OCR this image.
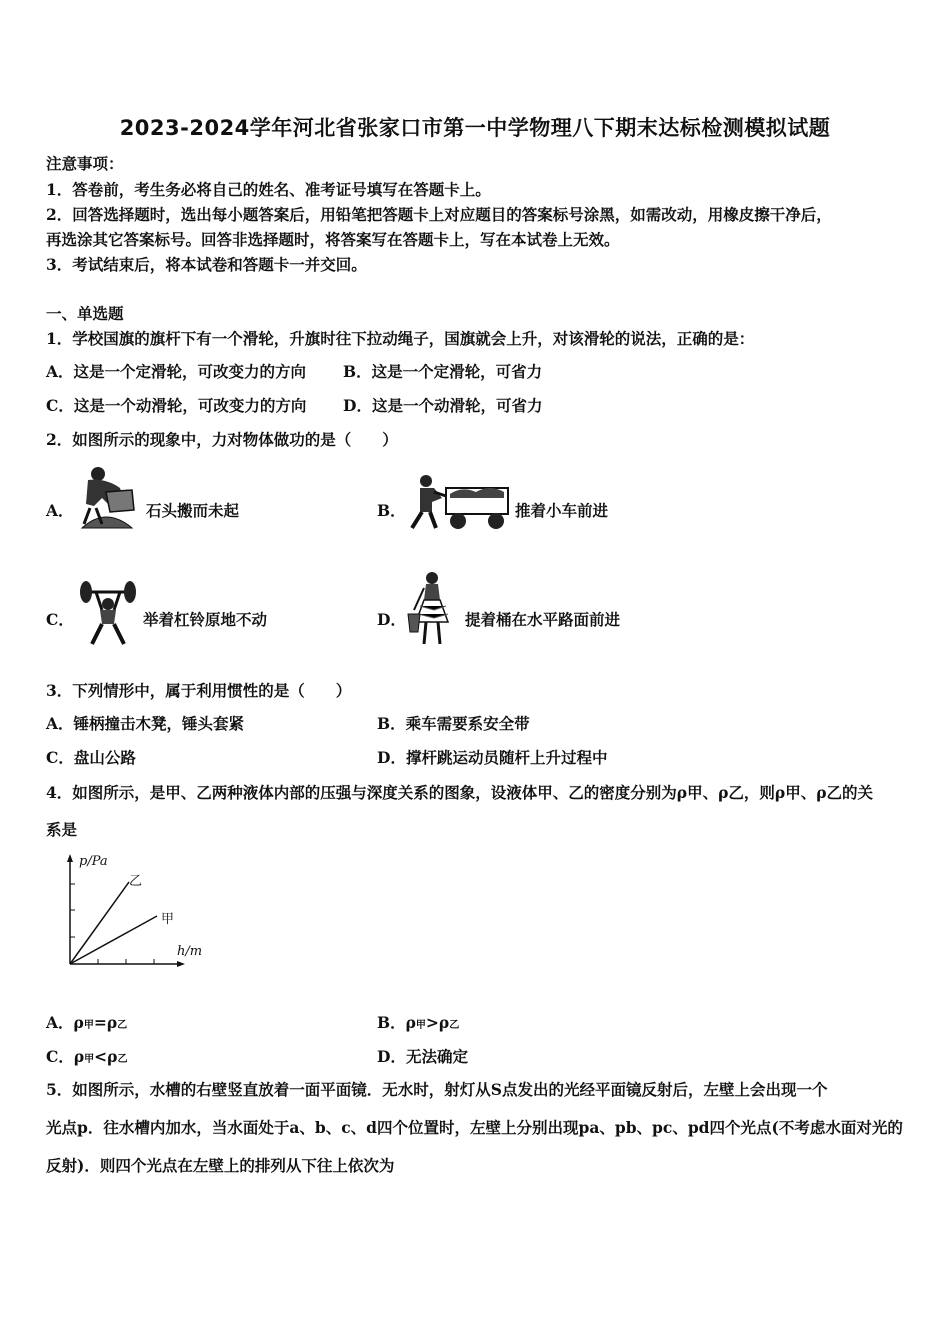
2023-2024学年河北省张家口市第一中学物理八下期末达标检测模拟试题
注意事项：
1．答卷前，考生务必将自己的姓名、准考证号填写在答题卡上。
2．回答选择题时，选出每小题答案后，用铅笔把答题卡上对应题目的答案标号涂黑，如需改动，用橡皮擦干净后，
再选涂其它答案标号。回答非选择题时，将答案写在答题卡上，写在本试卷上无效。
3．考试结束后，将本试卷和答题卡一并交回。
一、单选题
1．学校国旗的旗杆下有一个滑轮，升旗时往下拉动绳子，国旗就会上升，对该滑轮的说法，正确的是：
A．这是一个定滑轮，可改变力的方向 B．这是一个定滑轮，可省力
C．这是一个动滑轮，可改变力的方向 D．这是一个动滑轮，可省力
2．如图所示的现象中，力对物体做功的是（　　）
A．	石头搬而未起	B．	推着小车前进
C．	举着杠铃原地不动	D．	提着桶在水平路面前进
3．下列情形中，属于利用惯性的是（　　）
A．锤柄撞击木凳，锤头套紧	B．乘车需要系安全带
C．盘山公路	D．撑杆跳运动员随杆上升过程中
4．如图所示，是甲、乙两种液体内部的压强与深度关系的图象，设液体甲、乙的密度分别为ρ甲、ρ乙，则ρ甲、ρ乙的关
系是
p/Pa
乙
甲
h/m
A．ρ甲=ρ乙	B．ρ甲>ρ乙
C．ρ甲<ρ乙	D．无法确定
5．如图所示，水槽的右壁竖直放着一面平面镜．无水时，射灯从S点发出的光经平面镜反射后，左壁上会出现一个
光点p．往水槽内加水，当水面处于a、b、c、d四个位置时，左壁上分别出现pa、pb、pc、pd四个光点(不考虑水面对光的
反射)．则四个光点在左壁上的排列从下往上依次为
